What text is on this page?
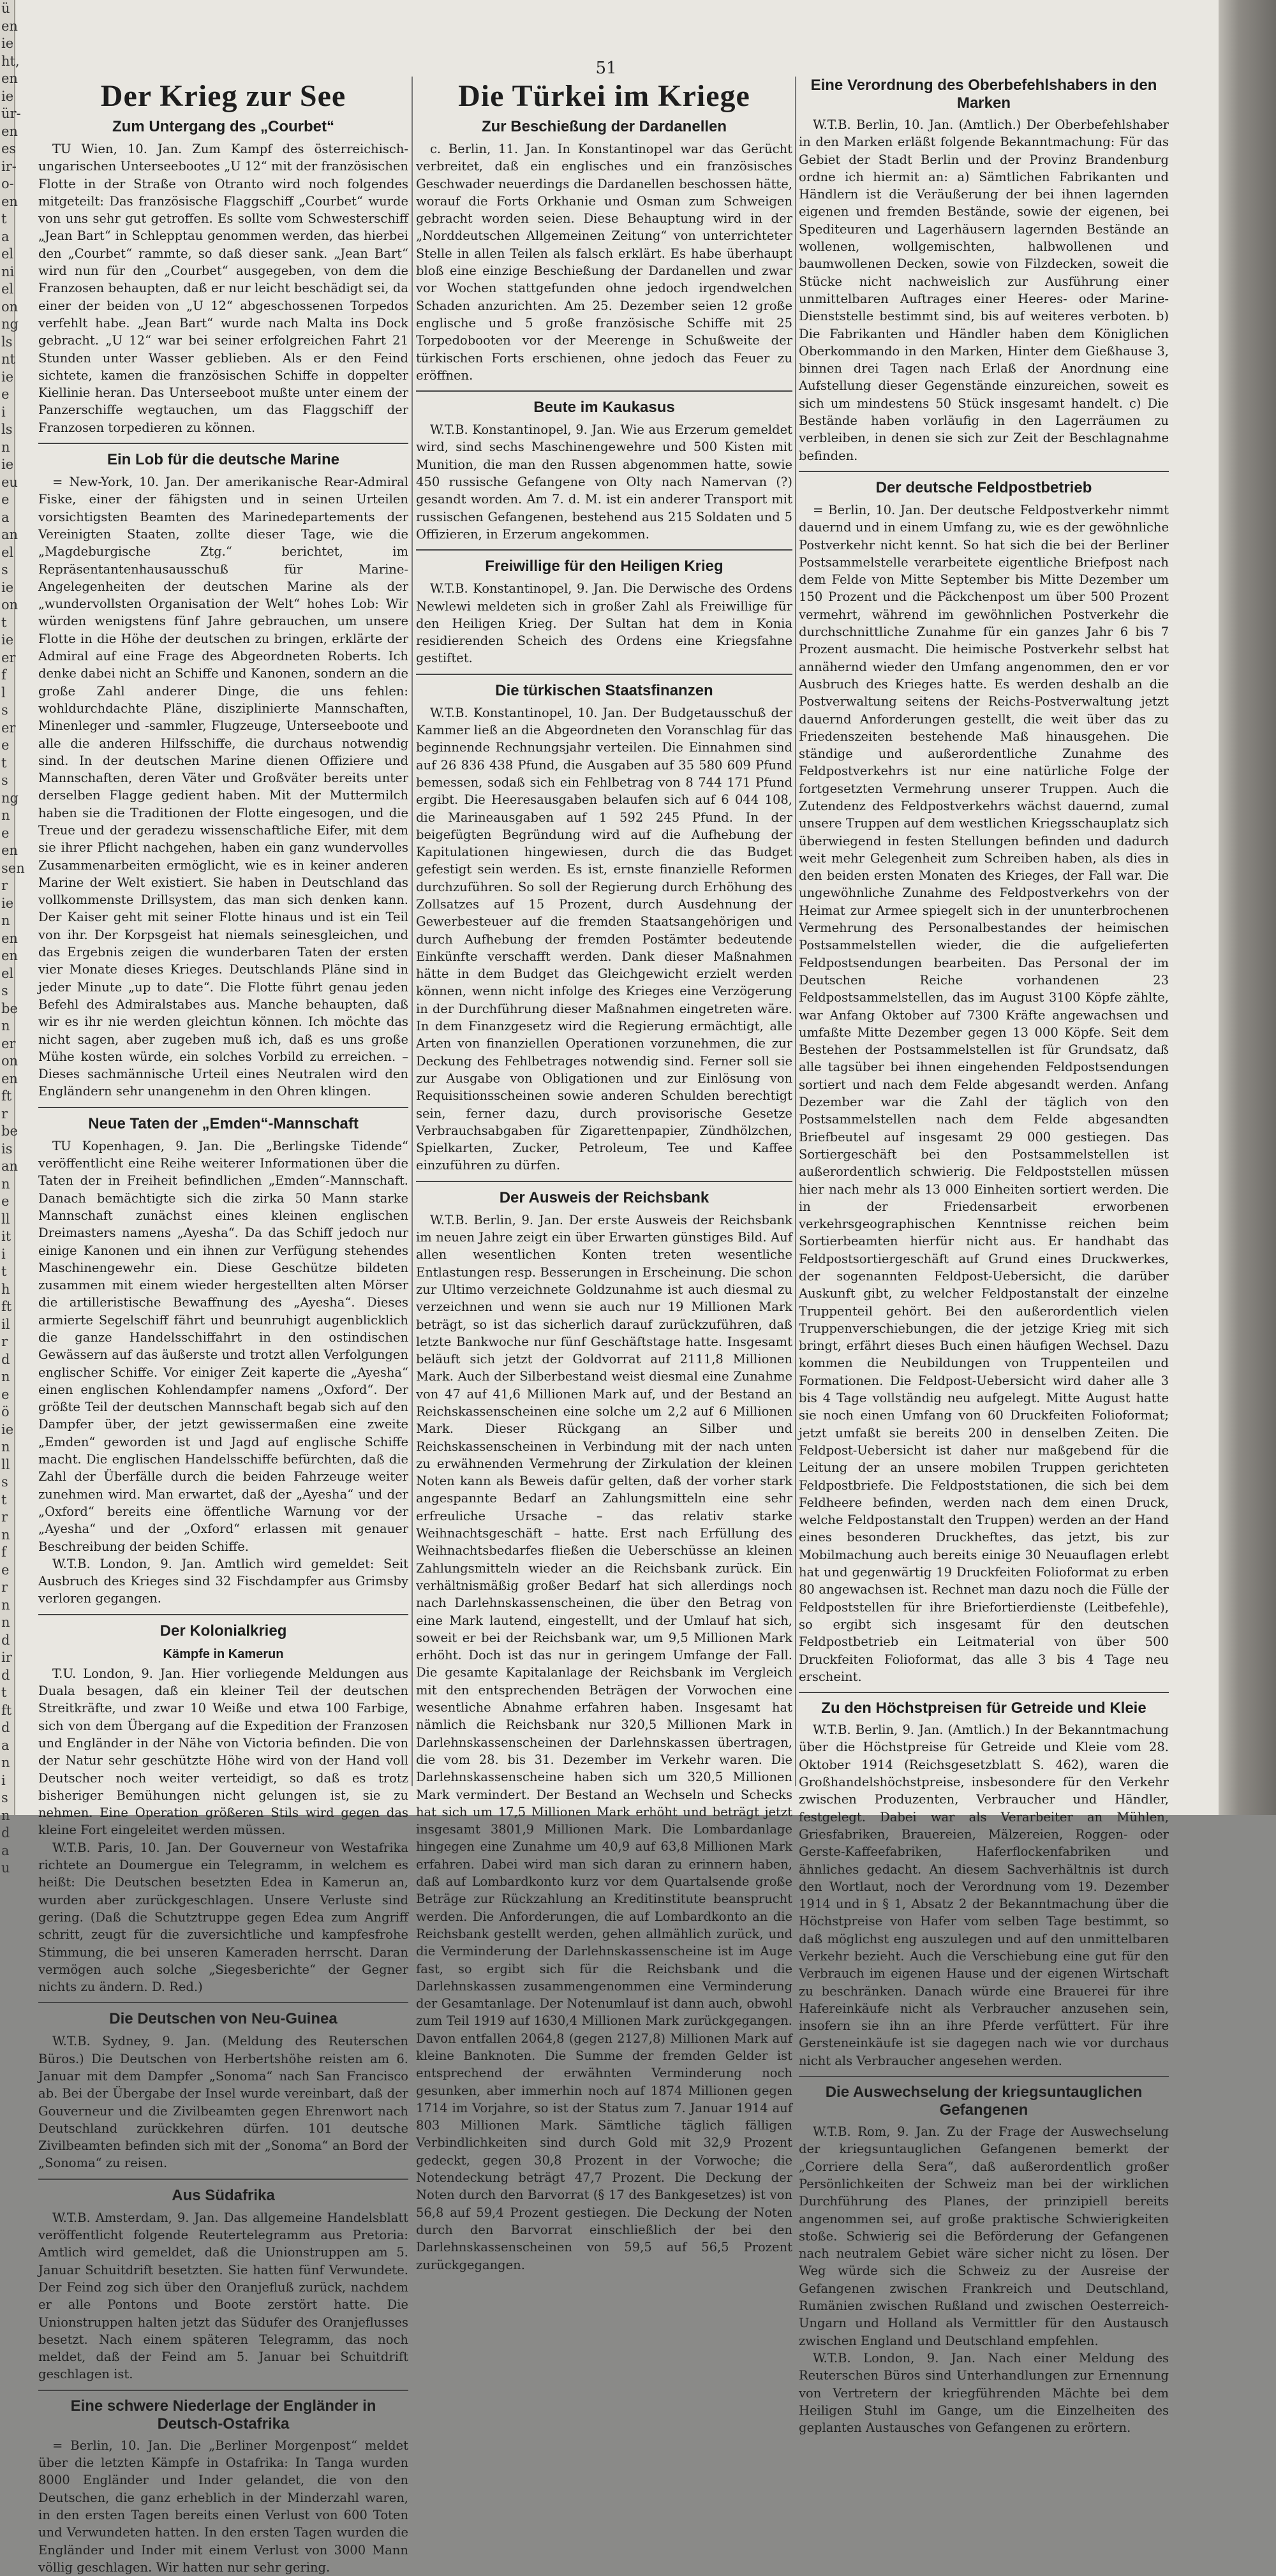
ü
en
ie
ht,
en
ie
ür-
en
es
ir-
o-
en
t
a
el
ni
el
on
ng
ls
nt
ie
e
i
ls
n
ie
eu
e
a
an
el
s
ie
on
t
ie
er
f
l
s
er
e
t
s
ng
n
e
en
sen
r
ie
n
en
en
el
s
be
n
er
on
en
ft
r
be
is
an
n
e
ll
it
i
t
h
ft
il
r
d
n
e
ö
ie
n
ll
s
t
r
n
f
e
r
n
n
d
ir
d
t
ft
d
a
n
i
s
n
d
a
u
51
Der Krieg zur See
Zum Untergang des „Courbet“

TU Wien, 10. Jan. Zum Kampf des österreichisch-ungarischen Unterseebootes „U 12“ mit der französischen Flotte in der Straße von Otranto wird noch folgendes mitgeteilt: Das französische Flaggschiff „Courbet“ wurde von uns sehr gut getroffen. Es sollte vom Schwesterschiff „Jean Bart“ in Schlepptau genommen werden, das hierbei den „Courbet“ rammte, so daß dieser sank. „Jean Bart“ wird nun für den „Courbet“ ausgegeben, von dem die Franzosen behaupten, daß er nur leicht beschädigt sei, da einer der beiden von „U 12“ abgeschossenen Torpedos verfehlt habe. „Jean Bart“ wurde nach Malta ins Dock gebracht. „U 12“ war bei seiner erfolgreichen Fahrt 21 Stunden unter Wasser geblieben. Als er den Feind sichtete, kamen die französischen Schiffe in doppelter Kiellinie heran. Das Unterseeboot mußte unter einem der Panzerschiffe wegtauchen, um das Flaggschiff der Franzosen torpedieren zu können.

Ein Lob für die deutsche Marine

= New-York, 10. Jan. Der amerikanische Rear-Admiral Fiske, einer der fähigsten und in seinen Urteilen vorsichtigsten Beamten des Marinedepartements der Vereinigten Staaten, zollte dieser Tage, wie die „Magdeburgische Ztg.“ berichtet, im Repräsentantenhausausschuß für Marine-Angelegenheiten der deutschen Marine als der „wundervollsten Organisation der Welt“ hohes Lob: Wir würden wenigstens fünf Jahre gebrauchen, um unsere Flotte in die Höhe der deutschen zu bringen, erklärte der Admiral auf eine Frage des Abgeordneten Roberts. Ich denke dabei nicht an Schiffe und Kanonen, sondern an die große Zahl anderer Dinge, die uns fehlen: wohldurchdachte Pläne, disziplinierte Mannschaften, Minenleger und -sammler, Flugzeuge, Unterseeboote und alle die anderen Hilfsschiffe, die durchaus notwendig sind. In der deutschen Marine dienen Offiziere und Mannschaften, deren Väter und Großväter bereits unter derselben Flagge gedient haben. Mit der Muttermilch haben sie die Traditionen der Flotte eingesogen, und die Treue und der geradezu wissenschaftliche Eifer, mit dem sie ihrer Pflicht nachgehen, haben ein ganz wundervolles Zusammenarbeiten ermöglicht, wie es in keiner anderen Marine der Welt existiert. Sie haben in Deutschland das vollkommenste Drillsystem, das man sich denken kann. Der Kaiser geht mit seiner Flotte hinaus und ist ein Teil von ihr. Der Korpsgeist hat niemals seinesgleichen, und das Ergebnis zeigen die wunderbaren Taten der ersten vier Monate dieses Krieges. Deutschlands Pläne sind in jeder Minute „up to date“. Die Flotte führt genau jeden Befehl des Admiralstabes aus. Manche behaupten, daß wir es ihr nie werden gleichtun können. Ich möchte das nicht sagen, aber zugeben muß ich, daß es uns große Mühe kosten würde, ein solches Vorbild zu erreichen. – Dieses sachmännische Urteil eines Neutralen wird den Engländern sehr unangenehm in den Ohren klingen.

Neue Taten der „Emden“-Mannschaft

TU Kopenhagen, 9. Jan. Die „Berlingske Tidende“ veröffentlicht eine Reihe weiterer Informationen über die Taten der in Freiheit befindlichen „Emden“-Mannschaft. Danach bemächtigte sich die zirka 50 Mann starke Mannschaft zunächst eines kleinen englischen Dreimasters namens „Ayesha“. Da das Schiff jedoch nur einige Kanonen und ein ihnen zur Verfügung stehendes Maschinengewehr ein. Diese Geschütze bildeten zusammen mit einem wieder hergestellten alten Mörser die artilleristische Bewaffnung des „Ayesha“. Dieses armierte Segelschiff fährt und beunruhigt augenblicklich die ganze Handelsschiffahrt in den ostindischen Gewässern auf das äußerste und trotzt allen Verfolgungen englischer Schiffe. Vor einiger Zeit kaperte die „Ayesha“ einen englischen Kohlendampfer namens „Oxford“. Der größte Teil der deutschen Mannschaft begab sich auf den Dampfer über, der jetzt gewissermaßen eine zweite „Emden“ geworden ist und Jagd auf englische Schiffe macht. Die englischen Handelsschiffe befürchten, daß die Zahl der Überfälle durch die beiden Fahrzeuge weiter zunehmen wird. Man erwartet, daß der „Ayesha“ und der „Oxford“ bereits eine öffentliche Warnung vor der „Ayesha“ und der „Oxford“ erlassen mit genauer Beschreibung der beiden Schiffe.

W.T.B. London, 9. Jan. Amtlich wird gemeldet: Seit Ausbruch des Krieges sind 32 Fischdampfer aus Grimsby verloren gegangen.

Der Kolonialkrieg
Kämpfe in Kamerun

T.U. London, 9. Jan. Hier vorliegende Meldungen aus Duala besagen, daß ein kleiner Teil der deutschen Streitkräfte, und zwar 10 Weiße und etwa 100 Farbige, sich von dem Übergang auf die Expedition der Franzosen und Engländer in der Nähe von Victoria befinden. Die von der Natur sehr geschützte Höhe wird von der Hand voll Deutscher noch weiter verteidigt, so daß es trotz bisheriger Bemühungen nicht gelungen ist, sie zu nehmen. Eine Operation größeren Stils wird gegen das kleine Fort eingeleitet werden müssen.

W.T.B. Paris, 10. Jan. Der Gouverneur von Westafrika richtete an Doumergue ein Telegramm, in welchem es heißt: Die Deutschen besetzten Edea in Kamerun an, wurden aber zurückgeschlagen. Unsere Verluste sind gering. (Daß die Schutztruppe gegen Edea zum Angriff schritt, zeugt für die zuversichtliche und kampfesfrohe Stimmung, die bei unseren Kameraden herrscht. Daran vermögen auch solche „Siegesberichte“ der Gegner nichts zu ändern. D. Red.)

Die Deutschen von Neu-Guinea

W.T.B. Sydney, 9. Jan. (Meldung des Reuterschen Büros.) Die Deutschen von Herbertshöhe reisten am 6. Januar mit dem Dampfer „Sonoma“ nach San Francisco ab. Bei der Übergabe der Insel wurde vereinbart, daß der Gouverneur und die Zivilbeamten gegen Ehrenwort nach Deutschland zurückkehren dürfen. 101 deutsche Zivilbeamten befinden sich mit der „Sonoma“ an Bord der „Sonoma“ zu reisen.

Aus Südafrika

W.T.B. Amsterdam, 9. Jan. Das allgemeine Handelsblatt veröffentlicht folgende Reutertelegramm aus Pretoria: Amtlich wird gemeldet, daß die Unionstruppen am 5. Januar Schuitdrift besetzten. Sie hatten fünf Verwundete. Der Feind zog sich über den Oranjefluß zurück, nachdem er alle Pontons und Boote zerstört hatte. Die Unionstruppen halten jetzt das Südufer des Oranjeflusses besetzt. Nach einem späteren Telegramm, das noch meldet, daß der Feind am 5. Januar bei Schuitdrift geschlagen ist.

Eine schwere Niederlage der Engländer in Deutsch-Ostafrika

= Berlin, 10. Jan. Die „Berliner Morgenpost“ meldet über die letzten Kämpfe in Ostafrika: In Tanga wurden 8000 Engländer und Inder gelandet, die von den Deutschen, die ganz erheblich in der Minderzahl waren, in den ersten Tagen bereits einen Verlust von 600 Toten und Verwundeten hatten. In den ersten Tagen wurden die Engländer und Inder mit einem Verlust von 3000 Mann völlig geschlagen. Wir hatten nur sehr gering.

Die Türkei im Kriege
Zur Beschießung der Dardanellen

c. Berlin, 11. Jan. In Konstantinopel war das Gerücht verbreitet, daß ein englisches und ein französisches Geschwader neuerdings die Dardanellen beschossen hätte, worauf die Forts Orkhanie und Osman zum Schweigen gebracht worden seien. Diese Behauptung wird in der „Norddeutschen Allgemeinen Zeitung“ von unterrichteter Stelle in allen Teilen als falsch erklärt. Es habe überhaupt bloß eine einzige Beschießung der Dardanellen und zwar vor Wochen stattgefunden ohne jedoch irgendwelchen Schaden anzurichten. Am 25. Dezember seien 12 große englische und 5 große französische Schiffe mit 25 Torpedobooten vor der Meerenge in Schußweite der türkischen Forts erschienen, ohne jedoch das Feuer zu eröffnen.

Beute im Kaukasus

W.T.B. Konstantinopel, 9. Jan. Wie aus Erzerum gemeldet wird, sind sechs Maschinengewehre und 500 Kisten mit Munition, die man den Russen abgenommen hatte, sowie 450 russische Gefangene von Olty nach Namervan (?) gesandt worden. Am 7. d. M. ist ein anderer Transport mit russischen Gefangenen, bestehend aus 215 Soldaten und 5 Offizieren, in Erzerum angekommen.

Freiwillige für den Heiligen Krieg

W.T.B. Konstantinopel, 9. Jan. Die Derwische des Ordens Newlewi meldeten sich in großer Zahl als Freiwillige für den Heiligen Krieg. Der Sultan hat dem in Konia residierenden Scheich des Ordens eine Kriegsfahne gestiftet.

Die türkischen Staatsfinanzen

W.T.B. Konstantinopel, 10. Jan. Der Budgetausschuß der Kammer ließ an die Abgeordneten den Voranschlag für das beginnende Rechnungsjahr verteilen. Die Einnahmen sind auf 26 836 438 Pfund, die Ausgaben auf 35 580 609 Pfund bemessen, sodaß sich ein Fehlbetrag von 8 744 171 Pfund ergibt. Die Heeresausgaben belaufen sich auf 6 044 108, die Marineausgaben auf 1 592 245 Pfund. In der beigefügten Begründung wird auf die Aufhebung der Kapitulationen hingewiesen, durch die das Budget gefestigt sein werden. Es ist, ernste finanzielle Reformen durchzuführen. So soll der Regierung durch Erhöhung des Zollsatzes auf 15 Prozent, durch Ausdehnung der Gewerbesteuer auf die fremden Staatsangehörigen und durch Aufhebung der fremden Postämter bedeutende Einkünfte verschafft werden. Dank dieser Maßnahmen hätte in dem Budget das Gleichgewicht erzielt werden können, wenn nicht infolge des Krieges eine Verzögerung in der Durchführung dieser Maßnahmen eingetreten wäre. In dem Finanzgesetz wird die Regierung ermächtigt, alle Arten von finanziellen Operationen vorzunehmen, die zur Deckung des Fehlbetrages notwendig sind. Ferner soll sie zur Ausgabe von Obligationen und zur Einlösung von Requisitionsscheinen sowie anderen Schulden berechtigt sein, ferner dazu, durch provisorische Gesetze Verbrauchsabgaben für Zigarettenpapier, Zündhölzchen, Spielkarten, Zucker, Petroleum, Tee und Kaffee einzuführen zu dürfen.

Der Ausweis der Reichsbank

W.T.B. Berlin, 9. Jan. Der erste Ausweis der Reichsbank im neuen Jahre zeigt ein über Erwarten günstiges Bild. Auf allen wesentlichen Konten treten wesentliche Entlastungen resp. Besserungen in Erscheinung. Die schon zur Ultimo verzeichnete Goldzunahme ist auch diesmal zu verzeichnen und wenn sie auch nur 19 Millionen Mark beträgt, so ist das sicherlich darauf zurückzuführen, daß letzte Bankwoche nur fünf Geschäftstage hatte. Insgesamt beläuft sich jetzt der Goldvorrat auf 2111,8 Millionen Mark. Auch der Silberbestand weist diesmal eine Zunahme von 47 auf 41,6 Millionen Mark auf, und der Bestand an Reichskassenscheinen eine solche um 2,2 auf 6 Millionen Mark. Dieser Rückgang an Silber und Reichskassenscheinen in Verbindung mit der nach unten zu erwähnenden Vermehrung der Zirkulation der kleinen Noten kann als Beweis dafür gelten, daß der vorher stark angespannte Bedarf an Zahlungsmitteln eine sehr erfreuliche Ursache – das relativ starke Weihnachtsgeschäft – hatte. Erst nach Erfüllung des Weihnachtsbedarfes fließen die Ueberschüsse an kleinen Zahlungsmitteln wieder an die Reichsbank zurück. Ein verhältnismäßig großer Bedarf hat sich allerdings noch nach Darlehnskassenscheinen, die über den Betrag von eine Mark lautend, eingestellt, und der Umlauf hat sich, soweit er bei der Reichsbank war, um 9,5 Millionen Mark erhöht. Doch ist das nur in geringem Umfange der Fall. Die gesamte Kapitalanlage der Reichsbank im Vergleich mit den entsprechenden Beträgen der Vorwochen eine wesentliche Abnahme erfahren haben. Insgesamt hat nämlich die Reichsbank nur 320,5 Millionen Mark in Darlehnskassenscheinen der Darlehnskassen übertragen, die vom 28. bis 31. Dezember im Verkehr waren. Die Darlehnskassenscheine haben sich um 320,5 Millionen Mark vermindert. Der Bestand an Wechseln und Schecks hat sich um 17,5 Millionen Mark erhöht und beträgt jetzt insgesamt 3801,9 Millionen Mark. Die Lombardanlage hingegen eine Zunahme um 40,9 auf 63,8 Millionen Mark erfahren. Dabei wird man sich daran zu erinnern haben, daß auf Lombardkonto kurz vor dem Quartalsende große Beträge zur Rückzahlung an Kreditinstitute beansprucht werden. Die Anforderungen, die auf Lombardkonto an die Reichsbank gestellt werden, gehen allmählich zurück, und die Verminderung der Darlehnskassenscheine ist im Auge fast, so ergibt sich für die Reichsbank und die Darlehnskassen zusammengenommen eine Verminderung der Gesamtanlage. Der Notenumlauf ist dann auch, obwohl zum Teil 1919 auf 1630,4 Millionen Mark zurückgegangen. Davon entfallen 2064,8 (gegen 2127,8) Millionen Mark auf kleine Banknoten. Die Summe der fremden Gelder ist entsprechend der erwähnten Verminderung noch gesunken, aber immerhin noch auf 1874 Millionen gegen 1714 im Vorjahre, so ist der Status zum 7. Januar 1914 auf 803 Millionen Mark. Sämtliche täglich fälligen Verbindlichkeiten sind durch Gold mit 32,9 Prozent gedeckt, gegen 30,8 Prozent in der Vorwoche; die Notendeckung beträgt 47,7 Prozent. Die Deckung der Noten durch den Barvorrat (§ 17 des Bankgesetzes) ist von 56,8 auf 59,4 Prozent gestiegen. Die Deckung der Noten durch den Barvorrat einschließlich der bei den Darlehnskassenscheinen von 59,5 auf 56,5 Prozent zurückgegangen.

Eine Verordnung des Oberbefehlshabers in den Marken

W.T.B. Berlin, 10. Jan. (Amtlich.) Der Oberbefehlshaber in den Marken erläßt folgende Bekanntmachung: Für das Gebiet der Stadt Berlin und der Provinz Brandenburg ordne ich hiermit an: a) Sämtlichen Fabrikanten und Händlern ist die Veräußerung der bei ihnen lagernden eigenen und fremden Bestände, sowie der eigenen, bei Spediteuren und Lagerhäusern lagernden Bestände an wollenen, wollgemischten, halbwollenen und baumwollenen Decken, sowie von Filzdecken, soweit die Stücke nicht nachweislich zur Ausführung einer unmittelbaren Auftrages einer Heeres- oder Marine-Dienststelle bestimmt sind, bis auf weiteres verboten. b) Die Fabrikanten und Händler haben dem Königlichen Oberkommando in den Marken, Hinter dem Gießhause 3, binnen drei Tagen nach Erlaß der Anordnung eine Aufstellung dieser Gegenstände einzureichen, soweit es sich um mindestens 50 Stück insgesamt handelt. c) Die Bestände haben vorläufig in den Lagerräumen zu verbleiben, in denen sie sich zur Zeit der Beschlagnahme befinden.

Der deutsche Feldpostbetrieb

= Berlin, 10. Jan. Der deutsche Feldpostverkehr nimmt dauernd und in einem Umfang zu, wie es der gewöhnliche Postverkehr nicht kennt. So hat sich die bei der Berliner Postsammelstelle verarbeitete eigentliche Briefpost nach dem Felde von Mitte September bis Mitte Dezember um 150 Prozent und die Päckchenpost um über 500 Prozent vermehrt, während im gewöhnlichen Postverkehr die durchschnittliche Zunahme für ein ganzes Jahr 6 bis 7 Prozent ausmacht. Die heimische Postverkehr selbst hat annähernd wieder den Umfang angenommen, den er vor Ausbruch des Krieges hatte. Es werden deshalb an die Postverwaltung seitens der Reichs-Postverwaltung jetzt dauernd Anforderungen gestellt, die weit über das zu Friedenszeiten bestehende Maß hinausgehen. Die ständige und außerordentliche Zunahme des Feldpostverkehrs ist nur eine natürliche Folge der fortgesetzten Vermehrung unserer Truppen. Auch die Zutendenz des Feldpostverkehrs wächst dauernd, zumal unsere Truppen auf dem westlichen Kriegsschauplatz sich überwiegend in festen Stellungen befinden und dadurch weit mehr Gelegenheit zum Schreiben haben, als dies in den beiden ersten Monaten des Krieges, der Fall war. Die ungewöhnliche Zunahme des Feldpostverkehrs von der Heimat zur Armee spiegelt sich in der ununterbrochenen Vermehrung des Personalbestandes der heimischen Postsammelstellen wieder, die die aufgelieferten Feldpostsendungen bearbeiten. Das Personal der im Deutschen Reiche vorhandenen 23 Feldpostsammelstellen, das im August 3100 Köpfe zählte, war Anfang Oktober auf 7300 Kräfte angewachsen und umfaßte Mitte Dezember gegen 13 000 Köpfe. Seit dem Bestehen der Postsammelstellen ist für Grundsatz, daß alle tagsüber bei ihnen eingehenden Feldpostsendungen sortiert und nach dem Felde abgesandt werden. Anfang Dezember war die Zahl der täglich von den Postsammelstellen nach dem Felde abgesandten Briefbeutel auf insgesamt 29 000 gestiegen. Das Sortiergeschäft bei den Postsammelstellen ist außerordentlich schwierig. Die Feldpoststellen müssen hier nach mehr als 13 000 Einheiten sortiert werden. Die in der Friedensarbeit erworbenen verkehrsgeographischen Kenntnisse reichen beim Sortierbeamten hierfür nicht aus. Er handhabt das Feldpostsortiergeschäft auf Grund eines Druckwerkes, der sogenannten Feldpost-Uebersicht, die darüber Auskunft gibt, zu welcher Feldpostanstalt der einzelne Truppenteil gehört. Bei den außerordentlich vielen Truppenverschiebungen, die der jetzige Krieg mit sich bringt, erfährt dieses Buch einen häufigen Wechsel. Dazu kommen die Neubildungen von Truppenteilen und Formationen. Die Feldpost-Uebersicht wird daher alle 3 bis 4 Tage vollständig neu aufgelegt. Mitte August hatte sie noch einen Umfang von 60 Druckfeiten Folioformat; jetzt umfaßt sie bereits 200 in denselben Zeiten. Die Feldpost-Uebersicht ist daher nur maßgebend für die Leitung der an unsere mobilen Truppen gerichteten Feldpostbriefe. Die Feldpoststationen, die sich bei dem Feldheere befinden, werden nach dem einen Druck, welche Feldpostanstalt den Truppen) werden an der Hand eines besonderen Druckheftes, das jetzt, bis zur Mobilmachung auch bereits einige 30 Neuauflagen erlebt hat und gegenwärtig 19 Druckfeiten Folioformat zu erben 80 angewachsen ist. Rechnet man dazu noch die Fülle der Feldpoststellen für ihre Briefortierdienste (Leitbefehle), so ergibt sich insgesamt für den deutschen Feldpostbetrieb ein Leitmaterial von über 500 Druckfeiten Folioformat, das alle 3 bis 4 Tage neu erscheint.

Zu den Höchstpreisen für Getreide und Kleie

W.T.B. Berlin, 9. Jan. (Amtlich.) In der Bekanntmachung über die Höchstpreise für Getreide und Kleie vom 28. Oktober 1914 (Reichsgesetzblatt S. 462), waren die Großhandelshöchstpreise, insbesondere für den Verkehr zwischen Produzenten, Verbraucher und Händler, festgelegt. Dabei war als Verarbeiter an Mühlen, Griesfabriken, Brauereien, Mälzereien, Roggen- oder Gerste-Kaffeefabriken, Haferflockenfabriken und ähnliches gedacht. An diesem Sachverhältnis ist durch den Wortlaut, noch der Verordnung vom 19. Dezember 1914 und in § 1, Absatz 2 der Bekanntmachung über die Höchstpreise von Hafer vom selben Tage bestimmt, so daß möglichst eng auszulegen und auf den unmittelbaren Verkehr bezieht. Auch die Verschiebung eine gut für den Verbrauch im eigenen Hause und der eigenen Wirtschaft zu beschränken. Danach würde eine Brauerei für ihre Hafereinkäufe nicht als Verbraucher anzusehen sein, insofern sie ihn an ihre Pferde verfüttert. Für ihre Gersteneinkäufe ist sie dagegen nach wie vor durchaus nicht als Verbraucher angesehen werden.

Die Auswechselung der kriegsuntauglichen Gefangenen

W.T.B. Rom, 9. Jan. Zu der Frage der Auswechselung der kriegsuntauglichen Gefangenen bemerkt der „Corriere della Sera“, daß außerordentlich großer Persönlichkeiten der Schweiz man bei der wirklichen Durchführung des Planes, der prinzipiell bereits angenommen sei, auf große praktische Schwierigkeiten stoße. Schwierig sei die Beförderung der Gefangenen nach neutralem Gebiet wäre sicher nicht zu lösen. Der Weg würde sich die Schweiz zu der Ausreise der Gefangenen zwischen Frankreich und Deutschland, Rumänien zwischen Rußland und zwischen Oesterreich-Ungarn und Holland als Vermittler für den Austausch zwischen England und Deutschland empfehlen.

W.T.B. London, 9. Jan. Nach einer Meldung des Reuterschen Büros sind Unterhandlungen zur Ernennung von Vertretern der kriegführenden Mächte bei dem Heiligen Stuhl im Gange, um die Einzelheiten des geplanten Austausches von Gefangenen zu erörtern.
